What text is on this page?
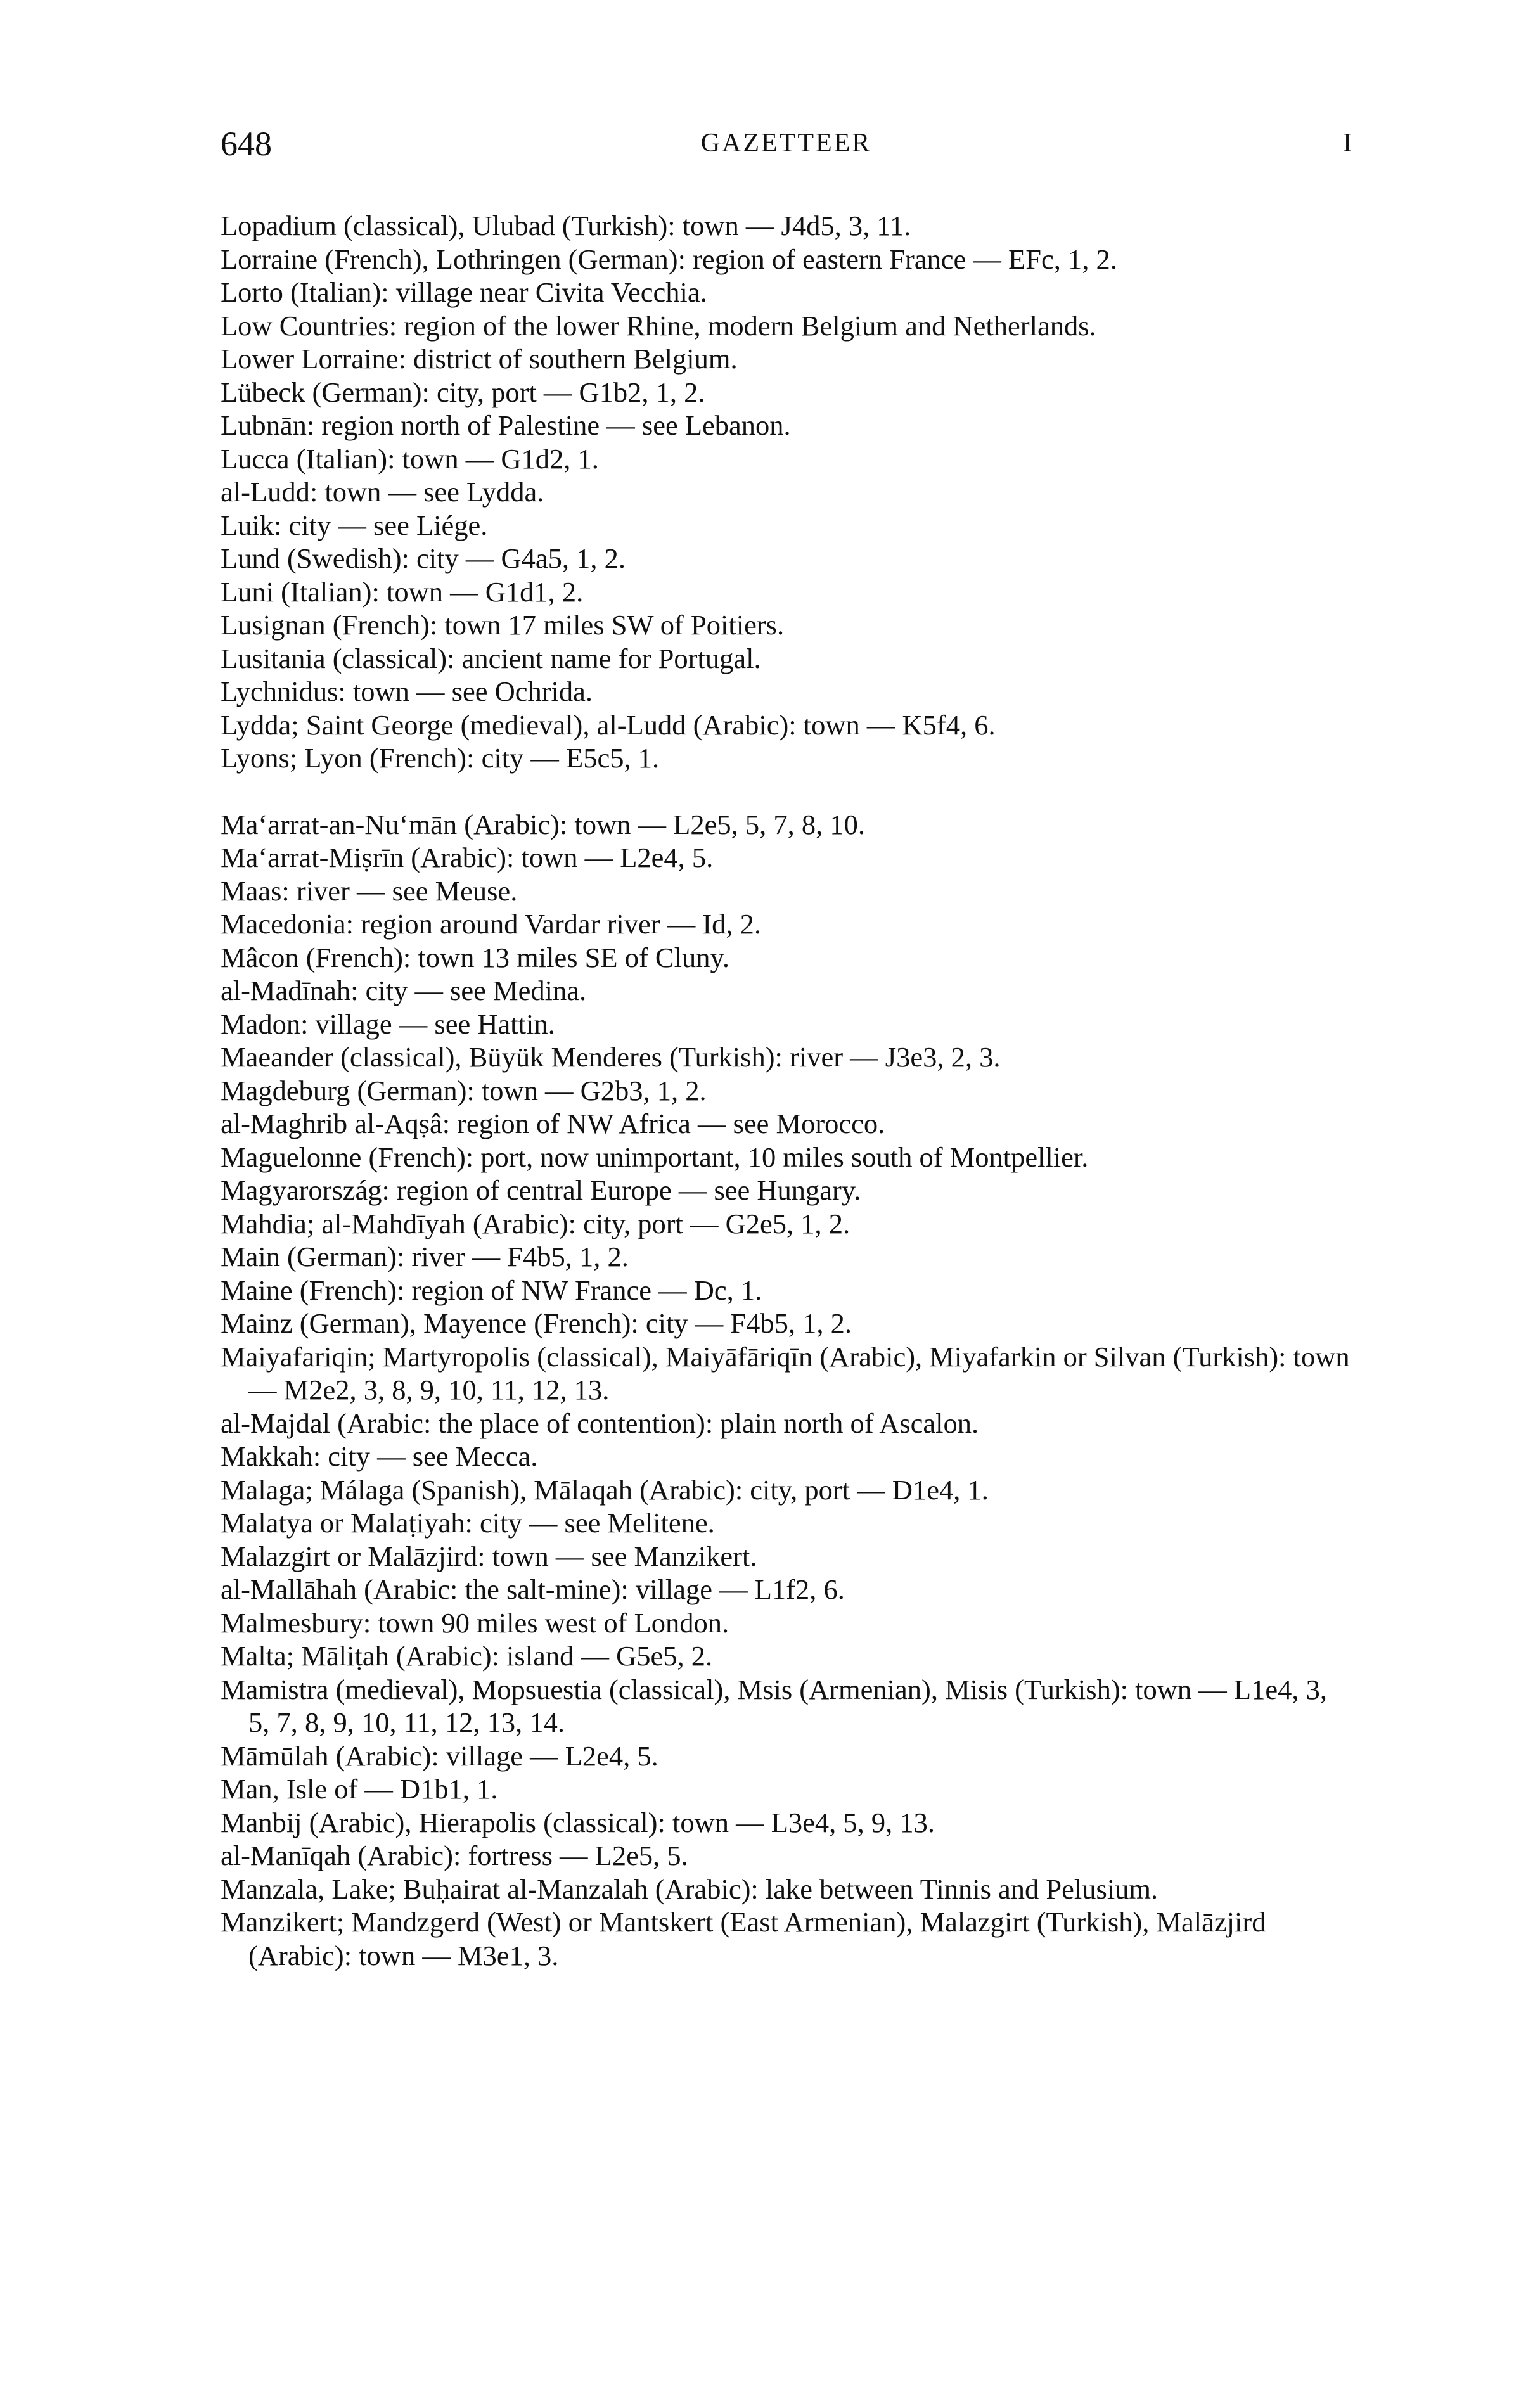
648	GAZETTEER	I
Lopadium (classical), Ulubad (Turkish): town — J4d5, 3, 11.
Lorraine (French), Lothringen (German): region of eastern France — EFc, 1, 2.
Lorto (Italian): village near Civita Vecchia.
Low Countries: region of the lower Rhine, modern Belgium and Netherlands.
Lower Lorraine: district of southern Belgium.
Lübeck (German): city, port — G1b2, 1, 2.
Lubnān: region north of Palestine — see Lebanon.
Lucca (Italian): town — G1d2, 1.
al-Ludd: town — see Lydda.
Luik: city — see Liége.
Lund (Swedish): city — G4a5, 1, 2.
Luni (Italian): town — G1d1, 2.
Lusignan (French): town 17 miles SW of Poitiers.
Lusitania (classical): ancient name for Portugal.
Lychnidus: town — see Ochrida.
Lydda; Saint George (medieval), al-Ludd (Arabic): town — K5f4, 6.
Lyons; Lyon (French): city — E5c5, 1.
Maʻarrat-an-Nuʻmān (Arabic): town — L2e5, 5, 7, 8, 10.
Maʻarrat-Miṣrīn (Arabic): town — L2e4, 5.
Maas: river — see Meuse.
Macedonia: region around Vardar river — Id, 2.
Mâcon (French): town 13 miles SE of Cluny.
al-Madīnah: city — see Medina.
Madon: village — see Hattin.
Maeander (classical), Büyük Menderes (Turkish): river — J3e3, 2, 3.
Magdeburg (German): town — G2b3, 1, 2.
al-Maghrib al-Aqṣâ: region of NW Africa — see Morocco.
Maguelonne (French): port, now unimportant, 10 miles south of Montpellier.
Magyarország: region of central Europe — see Hungary.
Mahdia; al-Mahdīyah (Arabic): city, port — G2e5, 1, 2.
Main (German): river — F4b5, 1, 2.
Maine (French): region of NW France — Dc, 1.
Mainz (German), Mayence (French): city — F4b5, 1, 2.
Maiyafariqin; Martyropolis (classical), Maiyāfāriqīn (Arabic), Miyafarkin or Silvan (Turkish): town — M2e2, 3, 8, 9, 10, 11, 12, 13.
al-Majdal (Arabic: the place of contention): plain north of Ascalon.
Makkah: city — see Mecca.
Malaga; Málaga (Spanish), Mālaqah (Arabic): city, port — D1e4, 1.
Malatya or Malaṭiyah: city — see Melitene.
Malazgirt or Malāzjird: town — see Manzikert.
al-Mallāhah (Arabic: the salt-mine): village — L1f2, 6.
Malmesbury: town 90 miles west of London.
Malta; Māliṭah (Arabic): island — G5e5, 2.
Mamistra (medieval), Mopsuestia (classical), Msis (Armenian), Misis (Turkish): town — L1e4, 3, 5, 7, 8, 9, 10, 11, 12, 13, 14.
Māmūlah (Arabic): village — L2e4, 5.
Man, Isle of — D1b1, 1.
Manbij (Arabic), Hierapolis (classical): town — L3e4, 5, 9, 13.
al-Manīqah (Arabic): fortress — L2e5, 5.
Manzala, Lake; Buḥairat al-Manzalah (Arabic): lake between Tinnis and Pelusium.
Manzikert; Mandzgerd (West) or Mantskert (East Armenian), Malazgirt (Turkish), Malāzjird (Arabic): town — M3e1, 3.
